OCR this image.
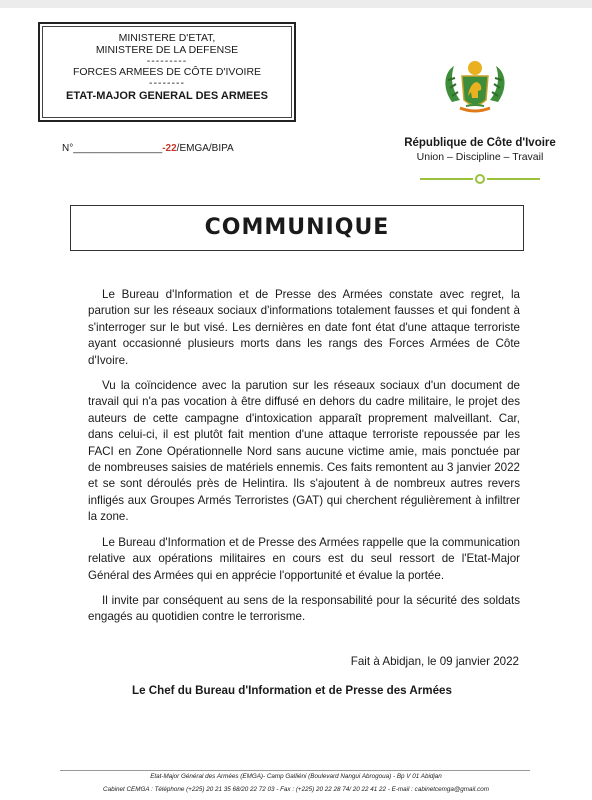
MINISTERE D'ETAT,
MINISTERE DE LA DEFENSE
---------
FORCES ARMEES DE CÔTE D'IVOIRE
--------
ETAT-MAJOR GENERAL DES ARMEES
N°________________-22/EMGA/BIPA	République de Côte d'Ivoire
Union – Discipline – Travail
COMMUNIQUE

Le Bureau d'Information et de Presse des Armées constate avec regret, la parution sur les réseaux sociaux d'informations totalement fausses et qui fondent à s'interroger sur le but visé. Les dernières en date font état d'une attaque terroriste ayant occasionné plusieurs morts dans les rangs des Forces Armées de Côte d'Ivoire.

Vu la coïncidence avec la parution sur les réseaux sociaux d'un document de travail qui n'a pas vocation à être diffusé en dehors du cadre militaire, le projet des auteurs de cette campagne d'intoxication apparaît proprement malveillant. Car, dans celui-ci, il est plutôt fait mention d'une attaque terroriste repoussée par les FACI en Zone Opérationnelle Nord sans aucune victime amie, mais ponctuée par de nombreuses saisies de matériels ennemis. Ces faits remontent au 3 janvier 2022 et se sont déroulés près de Helintira. Ils s'ajoutent à de nombreux autres revers infligés aux Groupes Armés Terroristes (GAT) qui cherchent régulièrement à infiltrer la zone.

Le Bureau d'Information et de Presse des Armées rappelle que la communication relative aux opérations militaires en cours est du seul ressort de l'Etat-Major Général des Armées qui en apprécie l'opportunité et évalue la portée.

Il invite par conséquent au sens de la responsabilité pour la sécurité des soldats engagés au quotidien contre le terrorisme.

Fait à Abidjan, le 09 janvier 2022
Le Chef du Bureau d'Information et de Presse des Armées
Etat-Major Général des Armées (EMGA)- Camp Galliéni (Boulevard Nangui Abrogoua) - Bp V 01 Abidjan
Cabinet CEMGA : Téléphone (+225) 20 21 35 68/20 22 72 03 - Fax : (+225) 20 22 28 74/ 20 22 41 22 - E-mail : cabinetcemga@gmail.com
